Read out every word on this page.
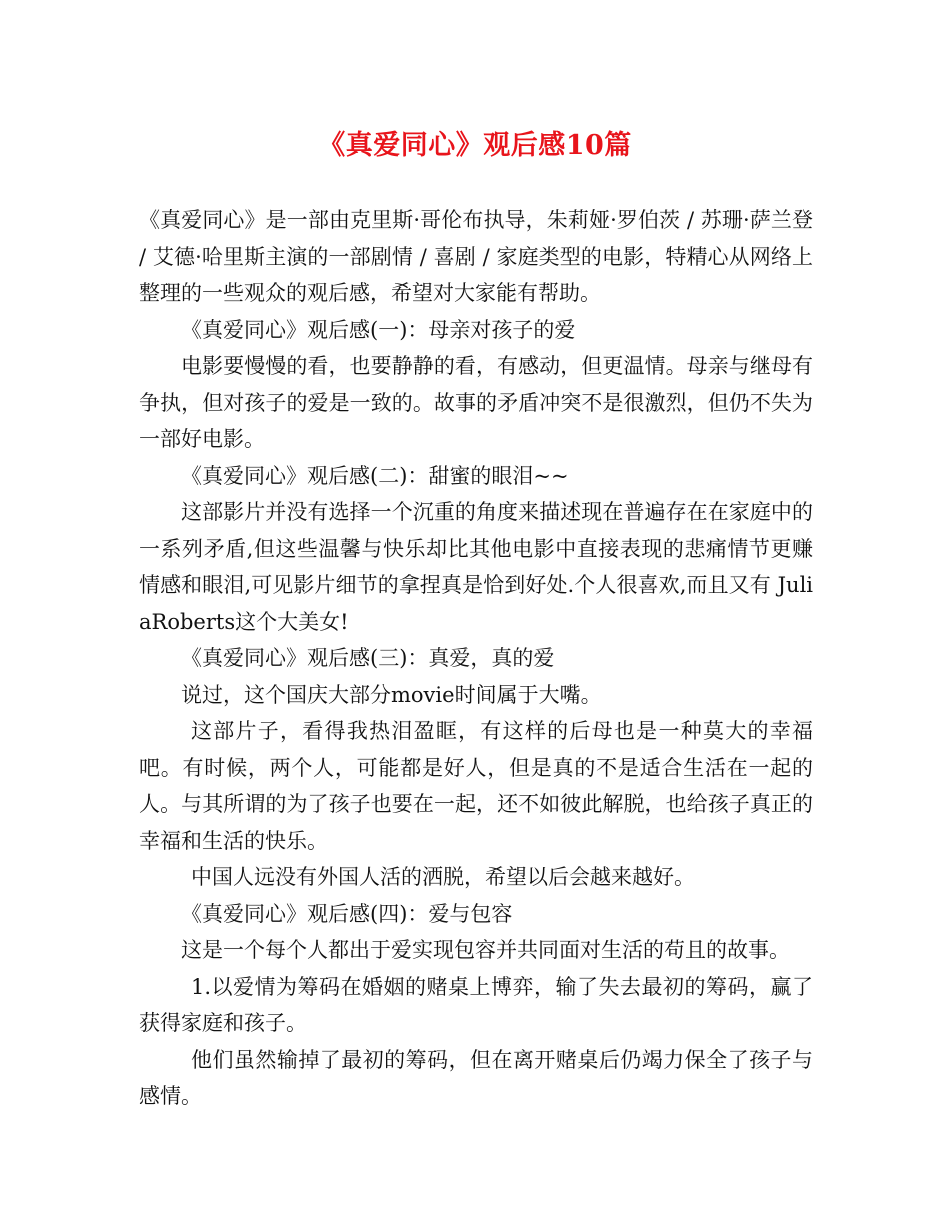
《真爱同心》观后感10篇

《真爱同心》是一部由克里斯·哥伦布执导，朱莉娅·罗伯茨 / 苏珊·萨兰登 / 艾德·哈里斯主演的一部剧情 / 喜剧 / 家庭类型的电影，特精心从网络上整理的一些观众的观后感，希望对大家能有帮助。

《真爱同心》观后感(一)：母亲对孩子的爱

电影要慢慢的看，也要静静的看，有感动，但更温情。母亲与继母有争执，但对孩子的爱是一致的。故事的矛盾冲突不是很激烈，但仍不失为一部好电影。

《真爱同心》观后感(二)：甜蜜的眼泪~~

这部影片并没有选择一个沉重的角度来描述现在普遍存在在家庭中的一系列矛盾,但这些温馨与快乐却比其他电影中直接表现的悲痛情节更赚情感和眼泪,可见影片细节的拿捏真是恰到好处.个人很喜欢,而且又有 JuliaRoberts这个大美女!

《真爱同心》观后感(三)：真爱，真的爱

说过，这个国庆大部分movie时间属于大嘴。

这部片子，看得我热泪盈眶，有这样的后母也是一种莫大的幸福吧。有时候，两个人，可能都是好人，但是真的不是适合生活在一起的人。与其所谓的为了孩子也要在一起，还不如彼此解脱，也给孩子真正的幸福和生活的快乐。

中国人远没有外国人活的洒脱，希望以后会越来越好。

《真爱同心》观后感(四)：爱与包容

这是一个每个人都出于爱实现包容并共同面对生活的苟且的故事。

1.以爱情为筹码在婚姻的赌桌上博弈，输了失去最初的筹码，赢了获得家庭和孩子。

他们虽然输掉了最初的筹码，但在离开赌桌后仍竭力保全了孩子与感情。
